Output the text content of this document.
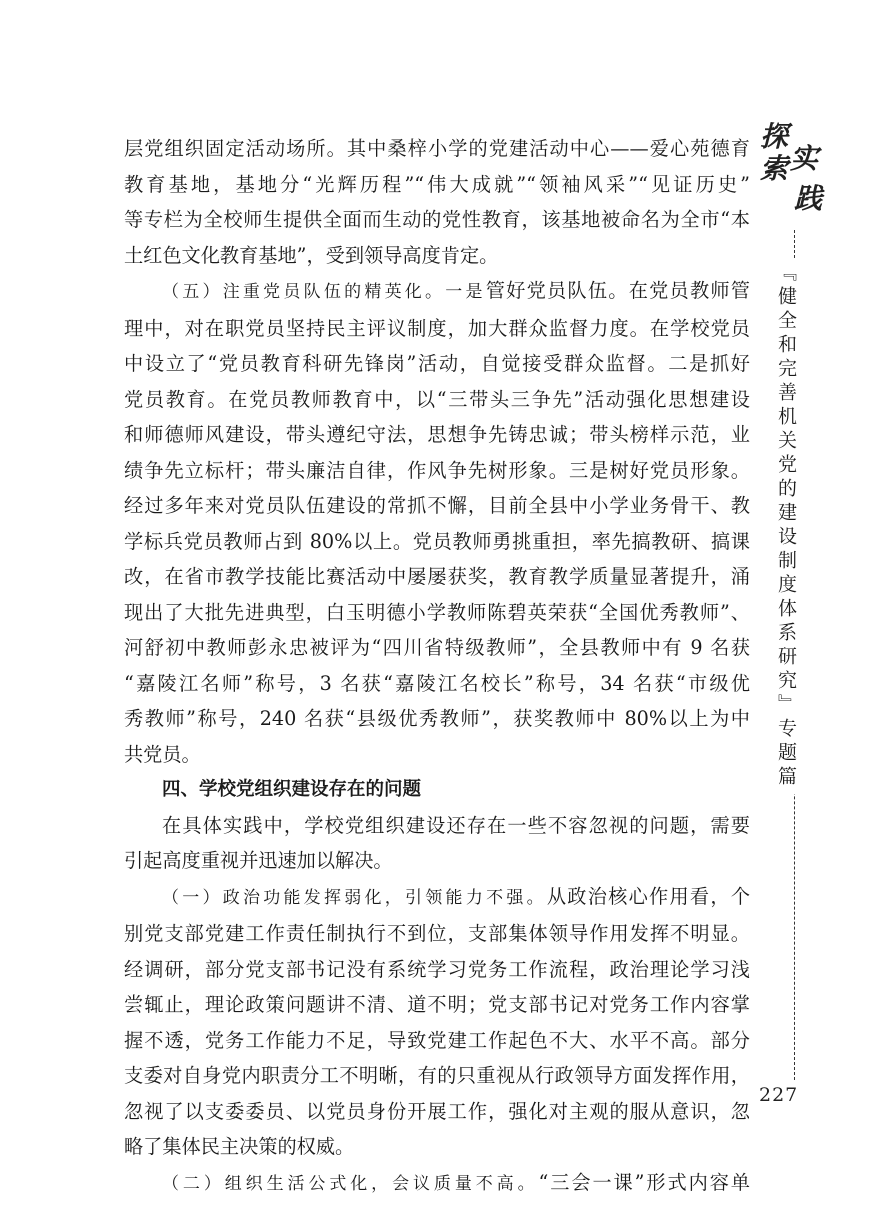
层党组织固定活动场所。其中桑梓小学的党建活动中心——爱心苑德育

教育基地，基地分“光辉历程”“伟大成就”“领袖风采”“见证历史”

等专栏为全校师生提供全面而生动的党性教育，该基地被命名为全市“本

土红色文化教育基地”，受到领导高度肯定。

（五）注重党员队伍的精英化。一是管好党员队伍。在党员教师管

理中，对在职党员坚持民主评议制度，加大群众监督力度。在学校党员

中设立了“党员教育科研先锋岗”活动，自觉接受群众监督。二是抓好

党员教育。在党员教师教育中，以“三带头三争先”活动强化思想建设

和师德师风建设，带头遵纪守法，思想争先铸忠诚；带头榜样示范，业

绩争先立标杆；带头廉洁自律，作风争先树形象。三是树好党员形象。

经过多年来对党员队伍建设的常抓不懈，目前全县中小学业务骨干、教

学标兵党员教师占到 80%以上。党员教师勇挑重担，率先搞教研、搞课

改，在省市教学技能比赛活动中屡屡获奖，教育教学质量显著提升，涌

现出了大批先进典型，白玉明德小学教师陈碧英荣获“全国优秀教师”、

河舒初中教师彭永忠被评为“四川省特级教师”，全县教师中有 9 名获

“嘉陵江名师”称号，3 名获“嘉陵江名校长”称号，34 名获“市级优

秀教师”称号，240 名获“县级优秀教师”，获奖教师中 80%以上为中

共党员。

四、学校党组织建设存在的问题

在具体实践中，学校党组织建设还存在一些不容忽视的问题，需要

引起高度重视并迅速加以解决。

（一）政治功能发挥弱化，引领能力不强。从政治核心作用看，个

别党支部党建工作责任制执行不到位，支部集体领导作用发挥不明显。

经调研，部分党支部书记没有系统学习党务工作流程，政治理论学习浅

尝辄止，理论政策问题讲不清、道不明；党支部书记对党务工作内容掌

握不透，党务工作能力不足，导致党建工作起色不大、水平不高。部分

支委对自身党内职责分工不明晰，有的只重视从行政领导方面发挥作用，

忽视了以支委委员、以党员身份开展工作，强化对主观的服从意识，忽

略了集体民主决策的权威。

（二）组织生活公式化，会议质量不高。“三会一课”形式内容单

探
索 实
践
『健全和完善机关党的建设制度体系研究』专题篇
227
